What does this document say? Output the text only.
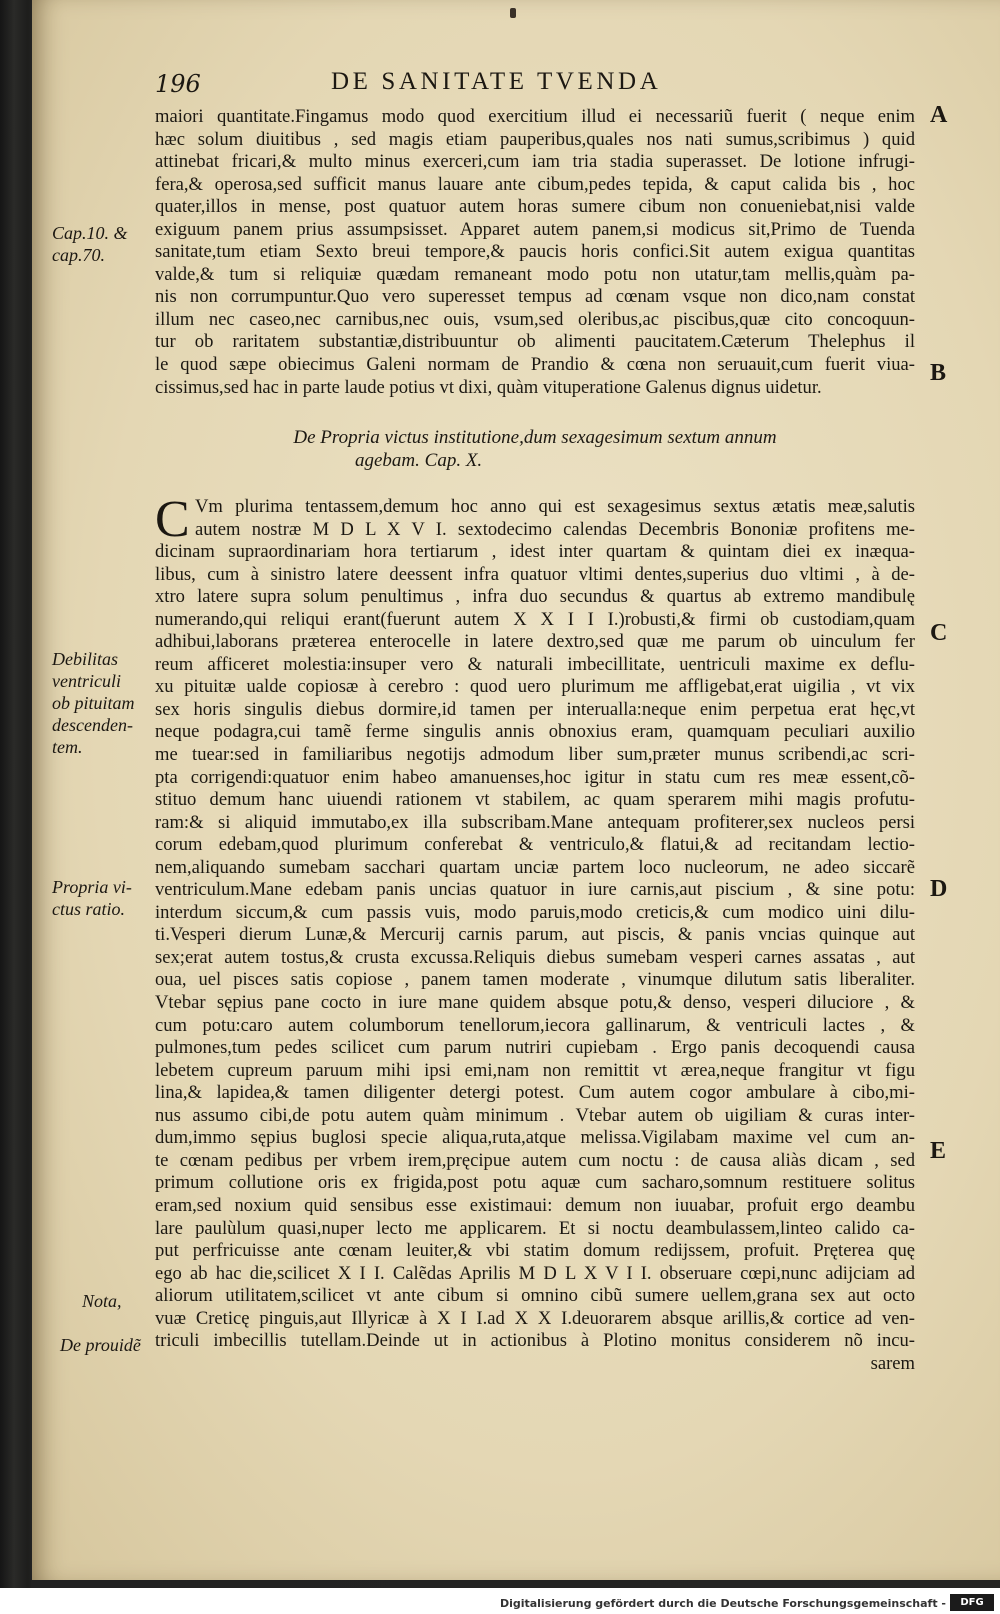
196	DE SANITATE TVENDA
maiori quantitate.Fingamus modo quod exercitium illud ei necessariũ fuerit ( neque enim
hæc solum diuitibus , sed magis etiam pauperibus,quales nos nati sumus,scribimus ) quid
attinebat fricari,& multo minus exerceri,cum iam tria stadia superasset. De lotione infrugi-
fera,& operosa,sed sufficit manus lauare ante cibum,pedes tepida, & caput calida bis , hoc
quater,illos in mense, post quatuor autem horas sumere cibum non conueniebat,nisi valde
exiguum panem prius assumpsisset. Apparet autem panem,si modicus sit,Primo de Tuenda
sanitate,tum etiam Sexto breui tempore,& paucis horis confici.Sit autem exigua quantitas
valde,& tum si reliquiæ quædam remaneant modo potu non utatur,tam mellis,quàm pa-
nis non corrumpuntur.Quo vero superesset tempus ad cœnam vsque non dico,nam constat
illum nec caseo,nec carnibus,nec ouis, vsum,sed oleribus,ac piscibus,quæ cito concoquun-
tur ob raritatem substantiæ,distribuuntur ob alimenti paucitatem.Cæterum Thelephus il
le quod sæpe obiecimus Galeni normam de Prandio & cœna non seruauit,cum fuerit viua-
cissimus,sed hac in parte laude potius vt dixi, quàm vituperatione Galenus dignus uidetur.
De Propria victus institutione,dum sexagesimum sextum annum
agebam. Cap. X.
C Vm plurima tentassem,demum hoc anno qui est sexagesimus sextus ætatis meæ,salutis
autem nostræ M D L X V I. sextodecimo calendas Decembris Bononiæ profitens me-
dicinam supraordinariam hora tertiarum , idest inter quartam & quintam diei ex inæqua-
libus, cum à sinistro latere deessent infra quatuor vltimi dentes,superius duo vltimi , à de-
xtro latere supra solum penultimus , infra duo secundus & quartus ab extremo mandibulę
numerando,qui reliqui erant(fuerunt autem X X I I I.)robusti,& firmi ob custodiam,quam
adhibui,laborans præterea enterocelle in latere dextro,sed quæ me parum ob uinculum fer
reum afficeret molestia:insuper vero & naturali imbecillitate, uentriculi maxime ex deflu-
xu pituitæ ualde copiosæ à cerebro : quod uero plurimum me affligebat,erat uigilia , vt vix
sex horis singulis diebus dormire,id tamen per interualla:neque enim perpetua erat hęc,vt
neque podagra,cui tamẽ ferme singulis annis obnoxius eram, quamquam peculiari auxilio
me tuear:sed in familiaribus negotijs admodum liber sum,præter munus scribendi,ac scri-
pta corrigendi:quatuor enim habeo amanuenses,hoc igitur in statu cum res meæ essent,cõ-
stituo demum hanc uiuendi rationem vt stabilem, ac quam sperarem mihi magis profutu-
ram:& si aliquid immutabo,ex illa subscribam.Mane antequam profiterer,sex nucleos persi
corum edebam,quod plurimum conferebat & ventriculo,& flatui,& ad recitandam lectio-
nem,aliquando sumebam sacchari quartam unciæ partem loco nucleorum, ne adeo siccarẽ
ventriculum.Mane edebam panis uncias quatuor in iure carnis,aut piscium , & sine potu:
interdum siccum,& cum passis vuis, modo paruis,modo creticis,& cum modico uini dilu-
ti.Vesperi dierum Lunæ,& Mercurij carnis parum, aut piscis, & panis vncias quinque aut
sex;erat autem tostus,& crusta excussa.Reliquis diebus sumebam vesperi carnes assatas , aut
oua, uel pisces satis copiose , panem tamen moderate , vinumque dilutum satis liberaliter.
Vtebar sępius pane cocto in iure mane quidem absque potu,& denso, vesperi diluciore , &
cum potu:caro autem columborum tenellorum,iecora gallinarum, & ventriculi lactes , &
pulmones,tum pedes scilicet cum parum nutriri cupiebam . Ergo panis decoquendi causa
lebetem cupreum paruum mihi ipsi emi,nam non remittit vt ærea,neque frangitur vt figu
lina,& lapidea,& tamen diligenter detergi potest. Cum autem cogor ambulare à cibo,mi-
nus assumo cibi,de potu autem quàm minimum . Vtebar autem ob uigiliam & curas inter-
dum,immo sępius buglosi specie aliqua,ruta,atque melissa.Vigilabam maxime vel cum an-
te cœnam pedibus per vrbem irem,pręcipue autem cum noctu : de causa aliàs dicam , sed
primum collutione oris ex frigida,post potu aquæ cum sacharo,somnum restituere solitus
eram,sed noxium quid sensibus esse existimaui: demum non iuuabar, profuit ergo deambu
lare paulùlum quasi,nuper lecto me applicarem. Et si noctu deambulassem,linteo calido ca-
put perfricuisse ante cœnam leuiter,& vbi statim domum redijssem, profuit. Pręterea quę
ego ab hac die,scilicet X I I. Calẽdas Aprilis M D L X V I I. obseruare cœpi,nunc adijciam ad
aliorum utilitatem,scilicet vt ante cibum si omnino cibũ sumere uellem,grana sex aut octo
vuæ Creticę pinguis,aut Illyricæ à X I I.ad X X I.deuorarem absque arillis,& cortice ad ven-
triculi imbecillis tutellam.Deinde ut in actionibus à Plotino monitus considerem nõ incu-
sarem
Cap.10. &
cap.70.
Debilitas
ventriculi
ob pituitam
descenden-
tem.
Propria vi-
ctus ratio.
Nota,
De prouidẽ
A
B
C
D
E
Digitalisierung gefördert durch die Deutsche Forschungsgemeinschaft -	DFG
